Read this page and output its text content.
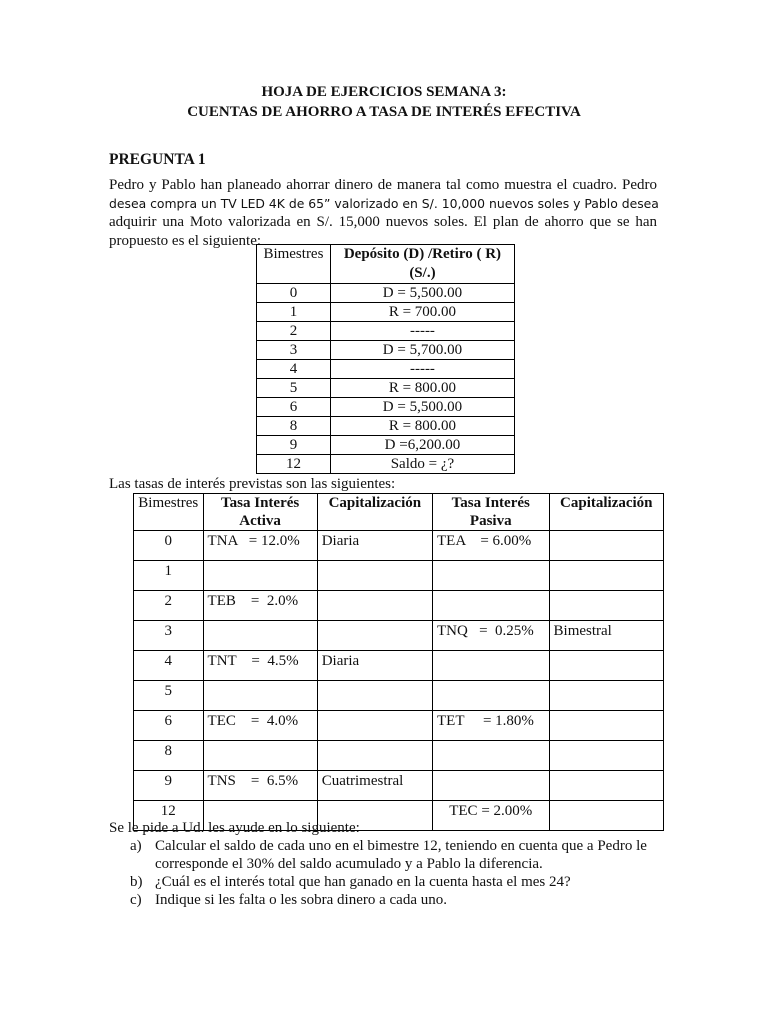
HOJA DE EJERCICIOS SEMANA 3:
CUENTAS DE AHORRO A TASA DE INTERÉS EFECTIVA
PREGUNTA 1
Pedro y Pablo han planeado ahorrar dinero de manera tal como muestra el cuadro. Pedro
desea compra un TV LED 4K de 65” valorizado en S/. 10,000 nuevos soles y Pablo desea
adquirir una Moto valorizada en S/. 15,000 nuevos soles. El plan de ahorro que se han
propuesto es el siguiente:
Bimestres	Depósito (D) /Retiro ( R)
(S/.)
0	D = 5,500.00
1	R = 700.00
2	-----
3	D = 5,700.00
4	-----
5	R = 800.00
6	D = 5,500.00
8	R = 800.00
9	D =6,200.00
12	Saldo = ¿?
Las tasas de interés previstas son las siguientes:
Bimestres	Tasa Interés
Activa	Capitalización	Tasa Interés
Pasiva	Capitalización
0	TNA   = 12.0%	Diaria	TEA    = 6.00%	
1				
2	TEB    =  2.0%			
3			TNQ   =  0.25%	Bimestral
4	TNT    =  4.5%	Diaria		
5				
6	TEC    =  4.0%		TET     = 1.80%	
8				
9	TNS    =  6.5%	Cuatrimestral		
12			TEC = 2.00%	
Se le pide a Ud. les ayude en lo siguiente:
a) Calcular el saldo de cada uno en el bimestre 12, teniendo en cuenta que a Pedro le
corresponde el 30% del saldo acumulado y a Pablo la diferencia.
b) ¿Cuál es el interés total que han ganado en la cuenta hasta el mes 24?
c) Indique si les falta o les sobra dinero a cada uno.
